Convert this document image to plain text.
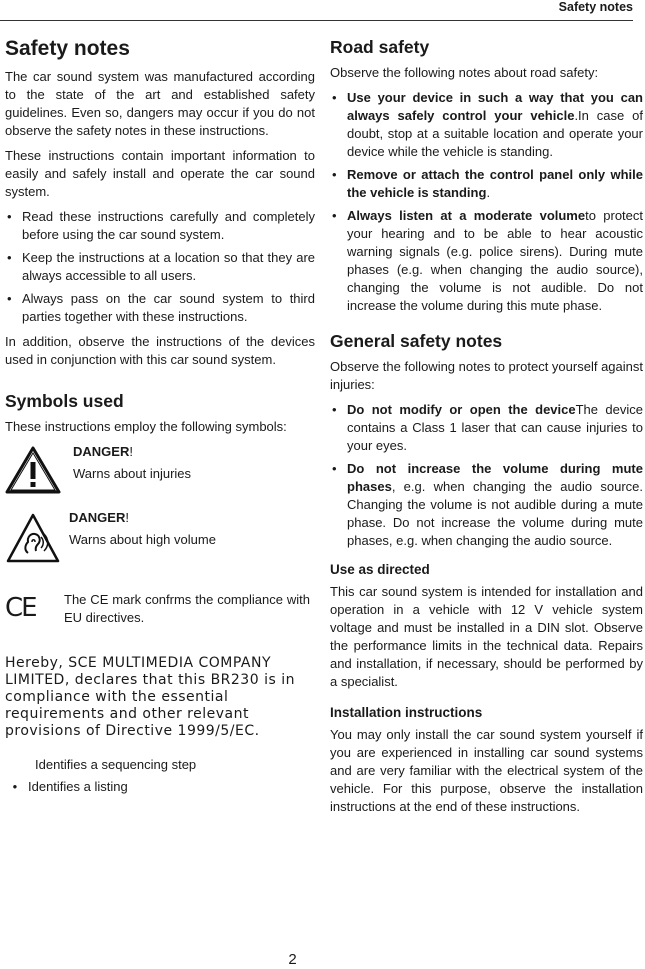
Safety notes
Safety notes

The car sound system was manufactured according to the state of the art and established safety guidelines. Even so, dangers may occur if you do not observe the safety notes in these instructions.

These instructions contain important information to easily and safely install and operate the car sound system.

• Read these instructions carefully and completely before using the car sound system.
• Keep the instructions at a location so that they are always accessible to all users.
• Always pass on the car sound system to third parties together with these instructions.

In addition, observe the instructions of the devices used in conjunction with this car sound system.

Symbols used

These instructions employ the following symbols:

DANGER!
Warns about injuries
DANGER!
Warns about high volume
CE The CE mark confrms the compliance with EU directives.
Hereby, SCE MULTIMEDIA COMPANY LIMITED, declares that this BR230 is in compliance with the essential requirements and other relevant provisions of Directive 1999/5/EC.
Identifies a sequencing step
•   Identifies a listing
Road safety

Observe the following notes about road safety:

• Use your device in such a way that you can always safely control your vehicle.In case of doubt, stop at a suitable location and operate your device while the vehicle is standing.
• Remove or attach the control panel only while the vehicle is standing.
• Always listen at a moderate volumeto protect your hearing and to be able to hear acoustic warning signals (e.g. police sirens). During mute phases (e.g. when changing the audio source), changing the volume is not audible. Do not increase the volume during this mute phase.
General safety notes

Observe the following notes to protect yourself against injuries:

• Do not modify or open the deviceThe device contains a Class 1 laser that can cause injuries to your eyes.
• Do not increase the volume during mute phases, e.g. when changing the audio source. Changing the volume is not audible during a mute phase. Do not increase the volume during mute phases, e.g. when changing the audio source.
Use as directed

This car sound system is intended for installation and operation in a vehicle with 12 V vehicle system voltage and must be installed in a DIN slot. Observe the performance limits in the technical data. Repairs and installation, if necessary, should be performed by a specialist.

Installation instructions

You may only install the car sound system yourself if you are experienced in installing car sound systems and are very familiar with the electrical system of the vehicle. For this purpose, observe the installation instructions at the end of these instructions.

2
